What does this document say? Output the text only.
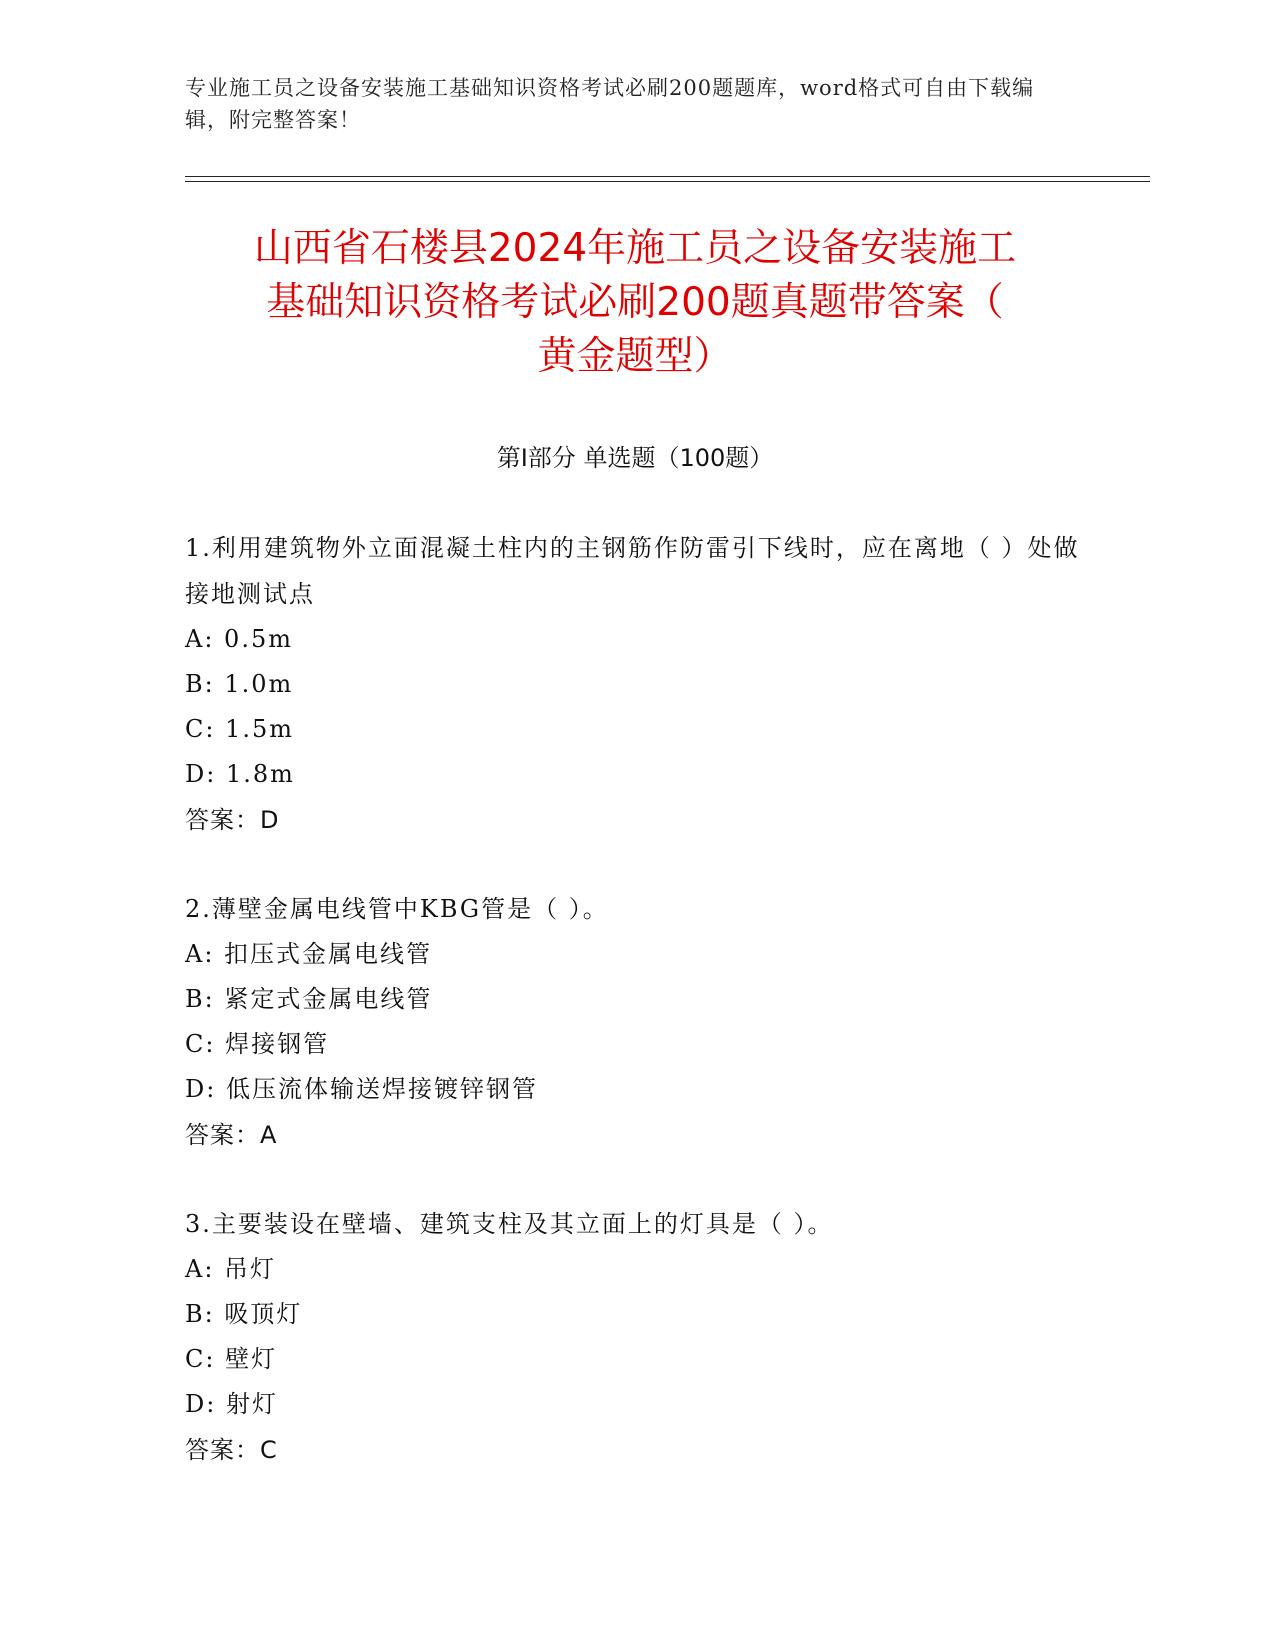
专业施工员之设备安装施工基础知识资格考试必刷200题题库，word格式可自由下载编辑，附完整答案！
山西省石楼县2024年施工员之设备安装施工
基础知识资格考试必刷200题真题带答案（
黄金题型）
第Ⅰ部分 单选题（100题）
1.利用建筑物外立面混凝土柱内的主钢筋作防雷引下线时，应在离地（ ）处做接地测试点
A: 0.5m
B: 1.0m
C: 1.5m
D: 1.8m
答案：D
2.薄壁金属电线管中KBG管是（ ）。
A: 扣压式金属电线管
B: 紧定式金属电线管
C: 焊接钢管
D: 低压流体输送焊接镀锌钢管
答案：A
3.主要装设在壁墙、建筑支柱及其立面上的灯具是（ ）。
A: 吊灯
B: 吸顶灯
C: 壁灯
D: 射灯
答案：C
